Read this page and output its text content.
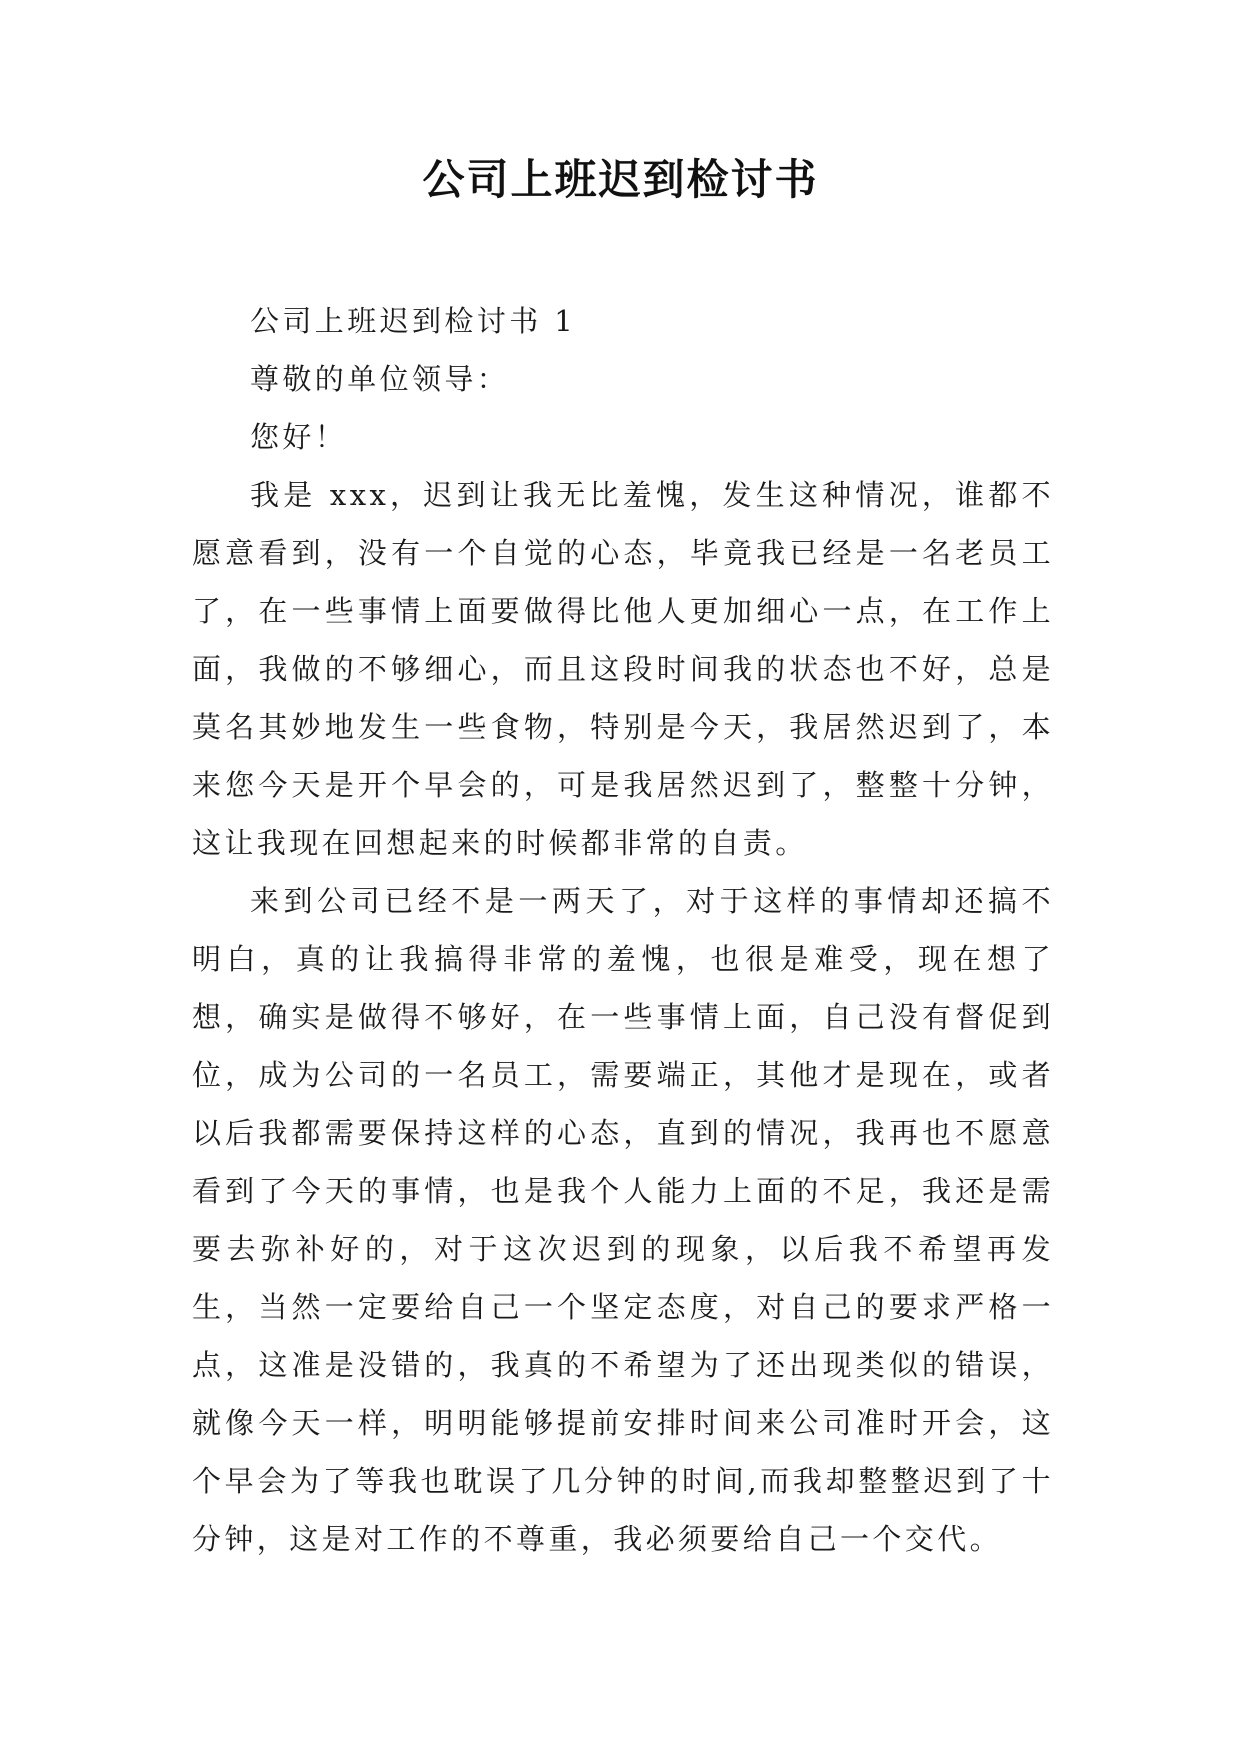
公司上班迟到检讨书

公司上班迟到检讨书 1

尊敬的单位领导：

您好！

我是 xxx，迟到让我无比羞愧，发生这种情况，谁都不愿意看到，没有一个自觉的心态，毕竟我已经是一名老员工了，在一些事情上面要做得比他人更加细心一点，在工作上面，我做的不够细心，而且这段时间我的状态也不好，总是莫名其妙地发生一些食物，特别是今天，我居然迟到了，本来您今天是开个早会的，可是我居然迟到了，整整十分钟，这让我现在回想起来的时候都非常的自责。

来到公司已经不是一两天了，对于这样的事情却还搞不明白，真的让我搞得非常的羞愧，也很是难受，现在想了想，确实是做得不够好，在一些事情上面，自己没有督促到位，成为公司的一名员工，需要端正，其他才是现在，或者以后我都需要保持这样的心态，直到的情况，我再也不愿意看到了今天的事情，也是我个人能力上面的不足，我还是需要去弥补好的，对于这次迟到的现象，以后我不希望再发生，当然一定要给自己一个坚定态度，对自己的要求严格一点，这准是没错的，我真的不希望为了还出现类似的错误，就像今天一样，明明能够提前安排时间来公司准时开会，这个早会为了等我也耽误了几分钟的时间,而我却整整迟到了十分钟，这是对工作的不尊重，我必须要给自己一个交代。
